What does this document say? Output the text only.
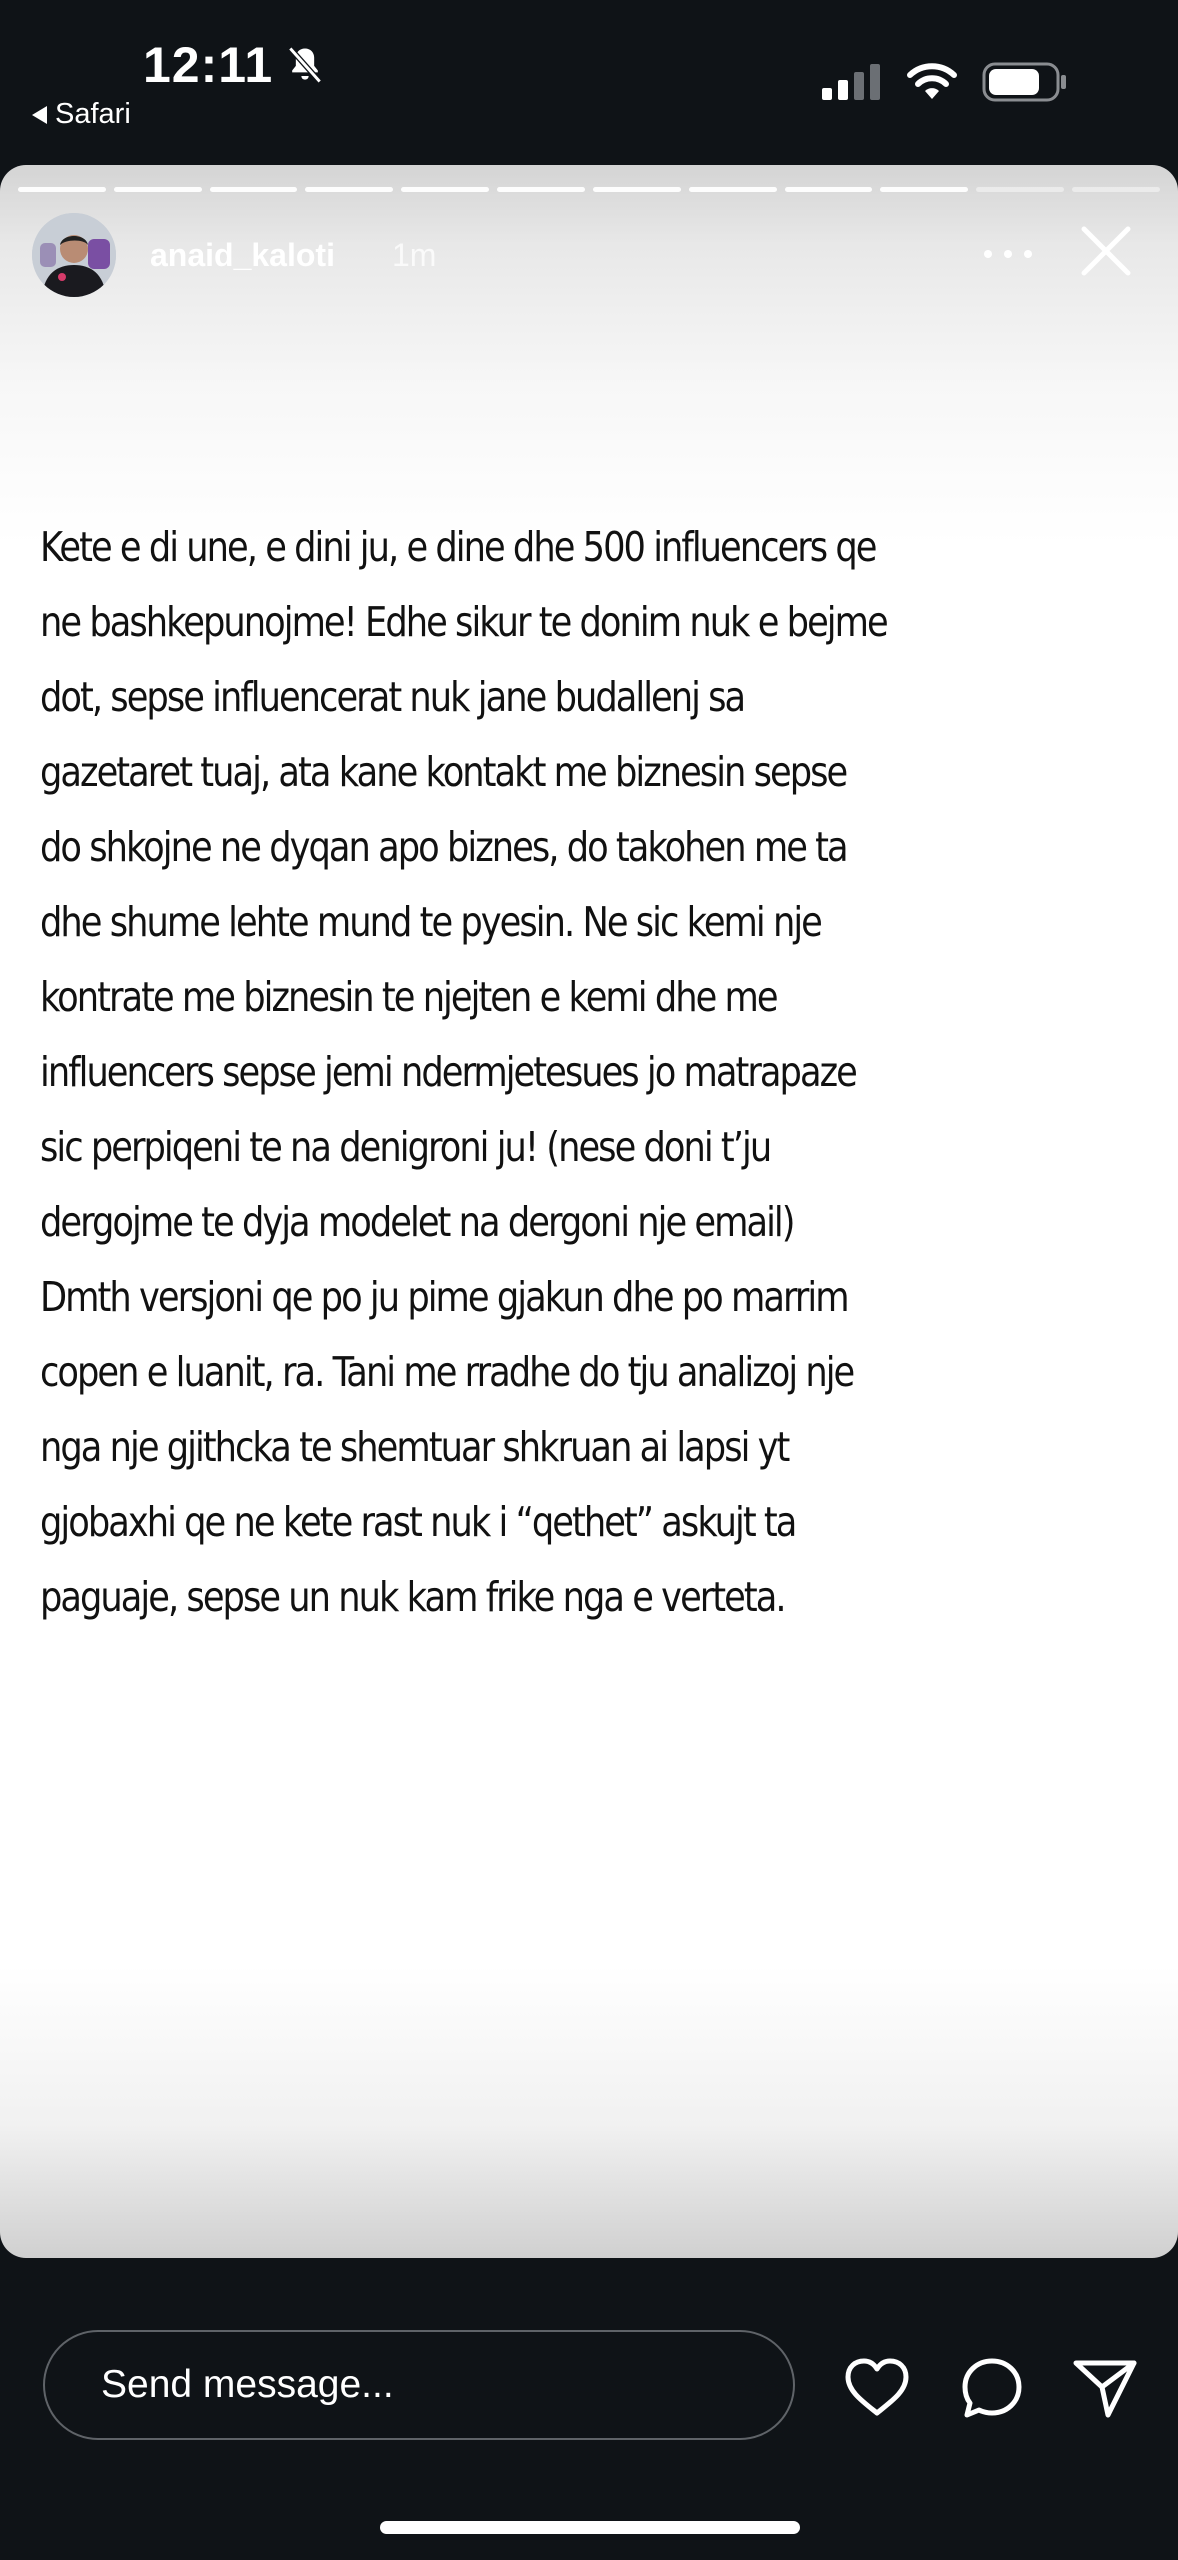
12:11
Safari
anaid_kaloti 1m
Kete e di une, e dini ju, e dine dhe 500 influencers qe
ne bashkepunojme! Edhe sikur te donim nuk e bejme
dot, sepse influencerat nuk jane budallenj sa
gazetaret tuaj, ata kane kontakt me biznesin sepse
do shkojne ne dyqan apo biznes, do takohen me ta
dhe shume lehte mund te pyesin. Ne sic kemi nje
kontrate me biznesin te njejten e kemi dhe me
influencers sepse jemi ndermjetesues jo matrapaze
sic perpiqeni te na denigroni ju! (nese doni t’ju
dergojme te dyja modelet na dergoni nje email)
Dmth versjoni qe po ju pime gjakun dhe po marrim
copen e luanit, ra. Tani me rradhe do tju analizoj nje
nga nje gjithcka te shemtuar shkruan ai lapsi yt
gjobaxhi qe ne kete rast nuk i “qethet” askujt ta
paguaje, sepse un nuk kam frike nga e verteta.
Send message...
